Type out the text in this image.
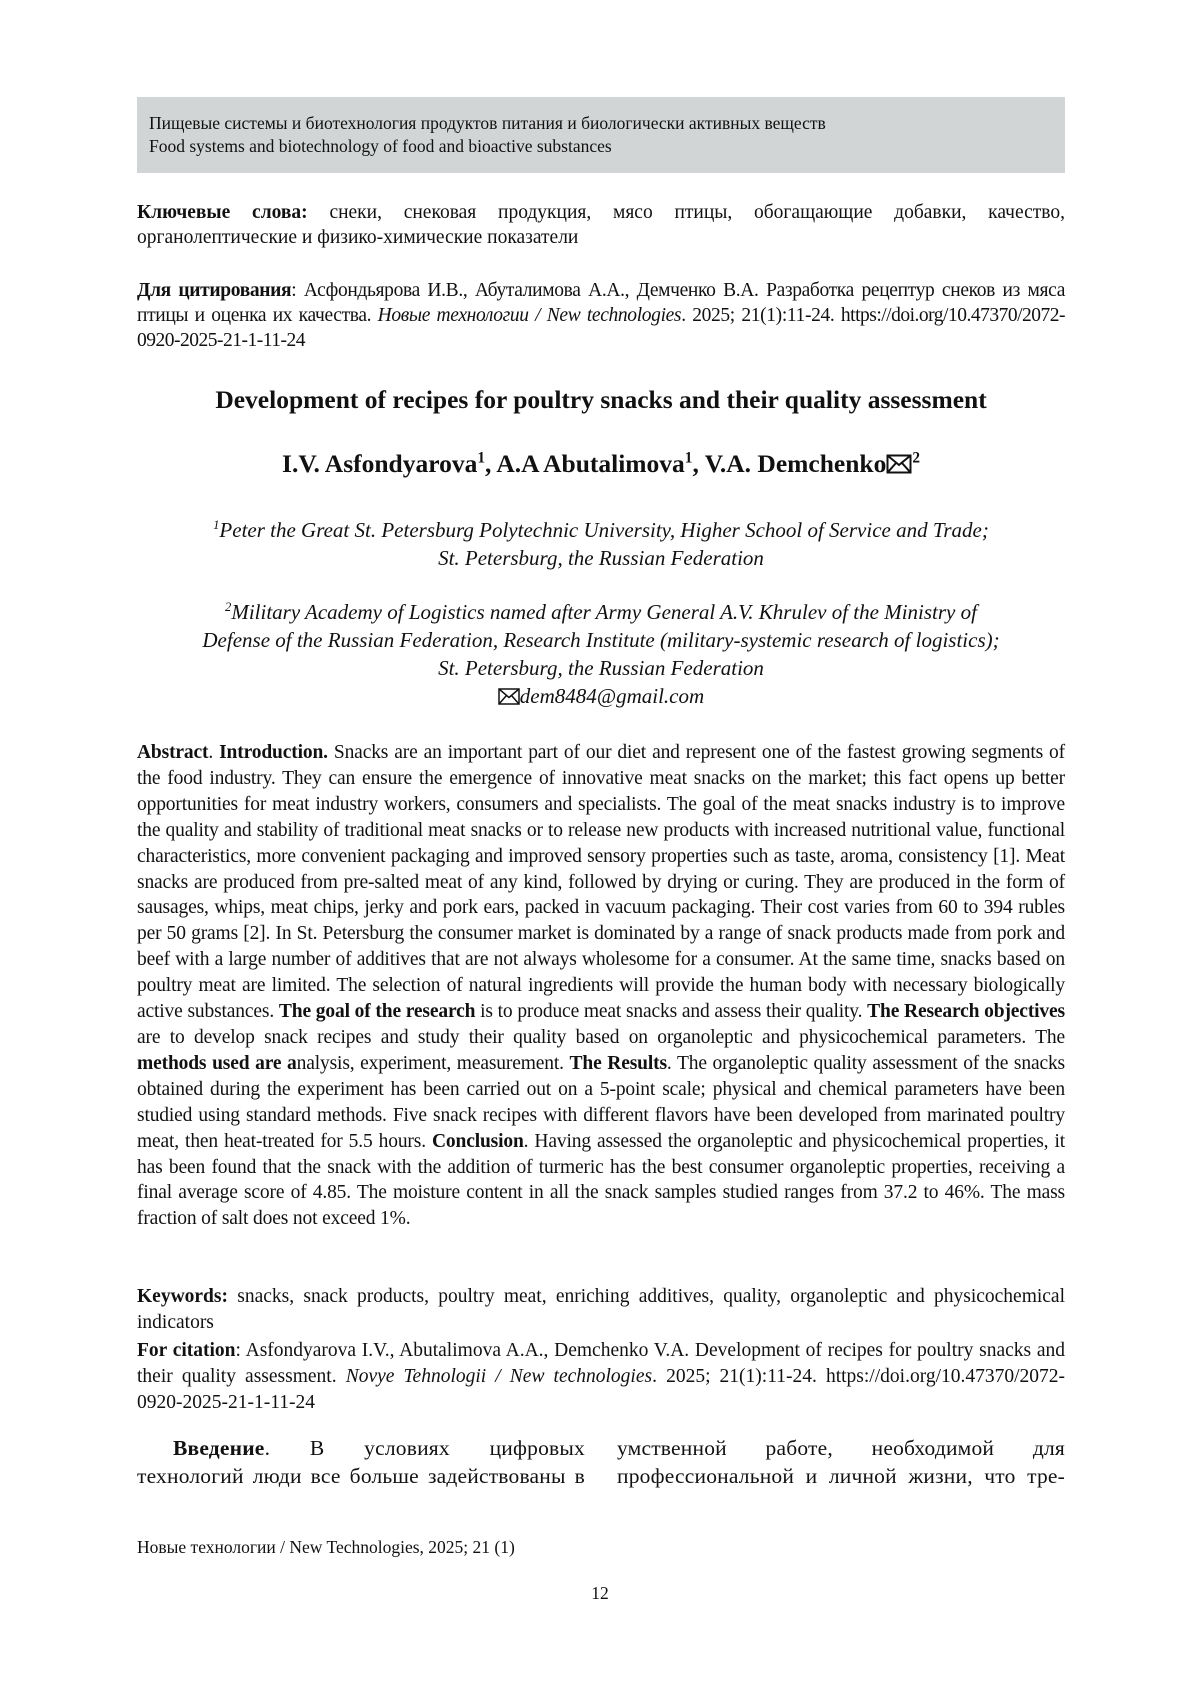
Пищевые системы и биотехнология продуктов питания и биологически активных веществ
Food systems and biotechnology of food and bioactive substances
Ключевые слова: снеки, снековая продукция, мясо птицы, обогащающие добавки, качество, органолептические и физико-химические показатели
Для цитирования: Асфондьярова И.В., Абуталимова А.А., Демченко В.А. Разработка рецептур снеков из мяса птицы и оценка их качества. Новые технологии / New technologies. 2025; 21(1):11-24. https://doi.org/10.47370/2072-0920-2025-21-1-11-24
Development of recipes for poultry snacks and their quality assessment
I.V. Asfondyarova$^1$, A.A Abutalimova$^1$, V.A. Demchenko $^2$
$^1$Peter the Great St. Petersburg Polytechnic University, Higher School of Service and Trade;
St. Petersburg, the Russian Federation
$^2$Military Academy of Logistics named after Army General A.V. Khrulev of the Ministry of
Defense of the Russian Federation, Research Institute (military-systemic research of logistics);
St. Petersburg, the Russian Federation
dem8484@gmail.com

Abstract. Introduction. Snacks are an important part of our diet and represent one of the fastest growing segments of the food industry. They can ensure the emergence of innovative meat snacks on the market; this fact opens up better opportunities for meat industry workers, consumers and specialists. The goal of the meat snacks industry is to improve the quality and stability of traditional meat snacks or to release new products with increased nutritional value, functional characteristics, more convenient packaging and improved sensory properties such as taste, aroma, consistency [1]. Meat snacks are produced from pre-salted meat of any kind, followed by drying or curing. They are produced in the form of sausages, whips, meat chips, jerky and pork ears, packed in vacuum packaging. Their cost varies from 60 to 394 rubles per 50 grams [2]. In St. Petersburg the consumer market is dominated by a range of snack products made from pork and beef with a large number of additives that are not always wholesome for a consumer. At the same time, snacks based on poultry meat are limited. The selection of natural ingredients will provide the human body with necessary biologically active substances. The goal of the research is to produce meat snacks and assess their quality. The Research objectives are to develop snack recipes and study their quality based on organoleptic and physicochemical parameters. The methods used are analysis, experiment, measurement. The Results. The organoleptic quality assessment of the snacks obtained during the experiment has been carried out on a 5-point scale; physical and chemical parameters have been studied using standard methods. Five snack recipes with different flavors have been developed from marinated poultry meat, then heat-treated for 5.5 hours. Conclusion. Having assessed the organoleptic and physicochemical properties, it has been found that the snack with the addition of turmeric has the best consumer organoleptic properties, receiving a final average score of 4.85. The moisture content in all the snack samples studied ranges from 37.2 to 46%. The mass fraction of salt does not exceed 1%.

Keywords: snacks, snack products, poultry meat, enriching additives, quality, organoleptic and physicochemical indicators
For citation: Asfondyarova I.V., Abutalimova A.A., Demchenko V.A. Development of recipes for poultry snacks and their quality assessment. Novye Tehnologii / New technologies. 2025; 21(1):11-24. https://doi.org/10.47370/2072-0920-2025-21-1-11-24
Введение. В условиях цифровых технологий люди все больше задействованы в
умственной работе, необходимой для профессиональной и личной жизни, что тре-
Новые технологии / New Technologies, 2025; 21 (1)
12
